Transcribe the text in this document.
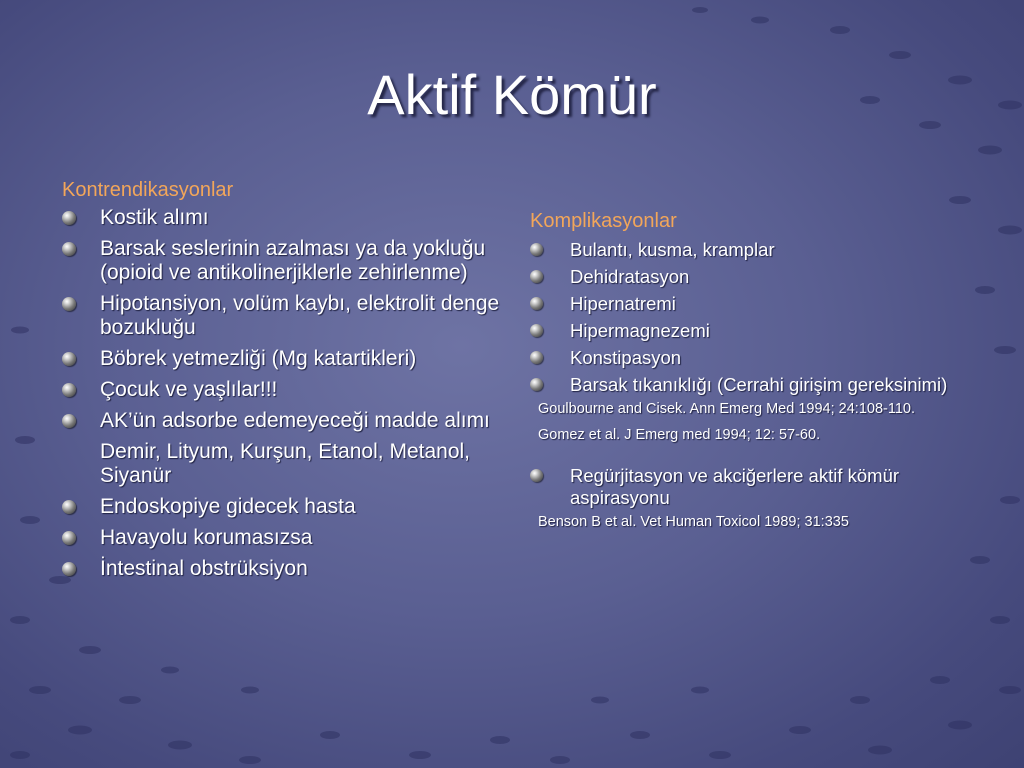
Aktif Kömür
Kontrendikasyonlar
Kostik alımı
Barsak seslerinin azalması ya da yokluğu (opioid ve antikolinerjiklerle zehirlenme)
Hipotansiyon, volüm kaybı, elektrolit denge bozukluğu
Böbrek yetmezliği (Mg katartikleri)
Çocuk ve yaşlılar!!!
AK’ün adsorbe edemeyeceği madde alımı
Demir, Lityum, Kurşun, Etanol, Metanol, Siyanür
Endoskopiye gidecek hasta
Havayolu korumasızsa
İntestinal obstrüksiyon
Komplikasyonlar
Bulantı, kusma, kramplar
Dehidratasyon
Hipernatremi
Hipermagnezemi
Konstipasyon
Barsak tıkanıklığı (Cerrahi girişim gereksinimi)
Goulbourne and Cisek. Ann Emerg Med 1994; 24:108-110.
Gomez et al. J Emerg med 1994; 12: 57-60.
Regürjitasyon ve akciğerlere aktif kömür aspirasyonu
Benson B et al. Vet Human Toxicol 1989; 31:335
